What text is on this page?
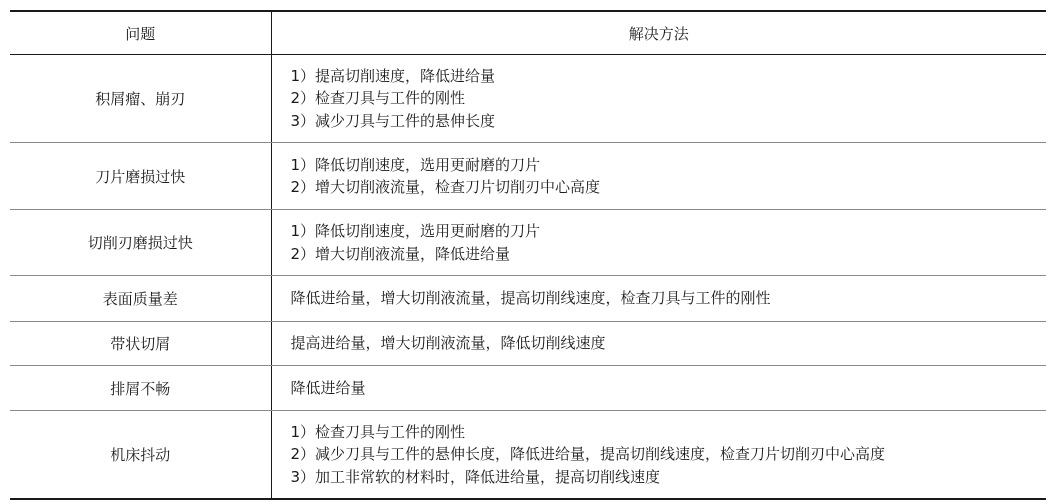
问题	解决方法
积屑瘤、崩刃	1）提高切削速度，降低进给量
2）检查刀具与工件的刚性
3）减少刀具与工件的悬伸长度

刀片磨损过快	1）降低切削速度，选用更耐磨的刀片
2）增大切削液流量，检查刀片切削刃中心高度

切削刃磨损过快	1）降低切削速度，选用更耐磨的刀片
2）增大切削液流量，降低进给量

表面质量差	降低进给量，增大切削液流量，提高切削线速度，检查刀具与工件的刚性

带状切屑	提高进给量，增大切削液流量，降低切削线速度

排屑不畅	降低进给量

机床抖动	1）检查刀具与工件的刚性
2）减少刀具与工件的悬伸长度，降低进给量，提高切削线速度，检查刀片切削刃中心高度
3）加工非常软的材料时，降低进给量，提高切削线速度
